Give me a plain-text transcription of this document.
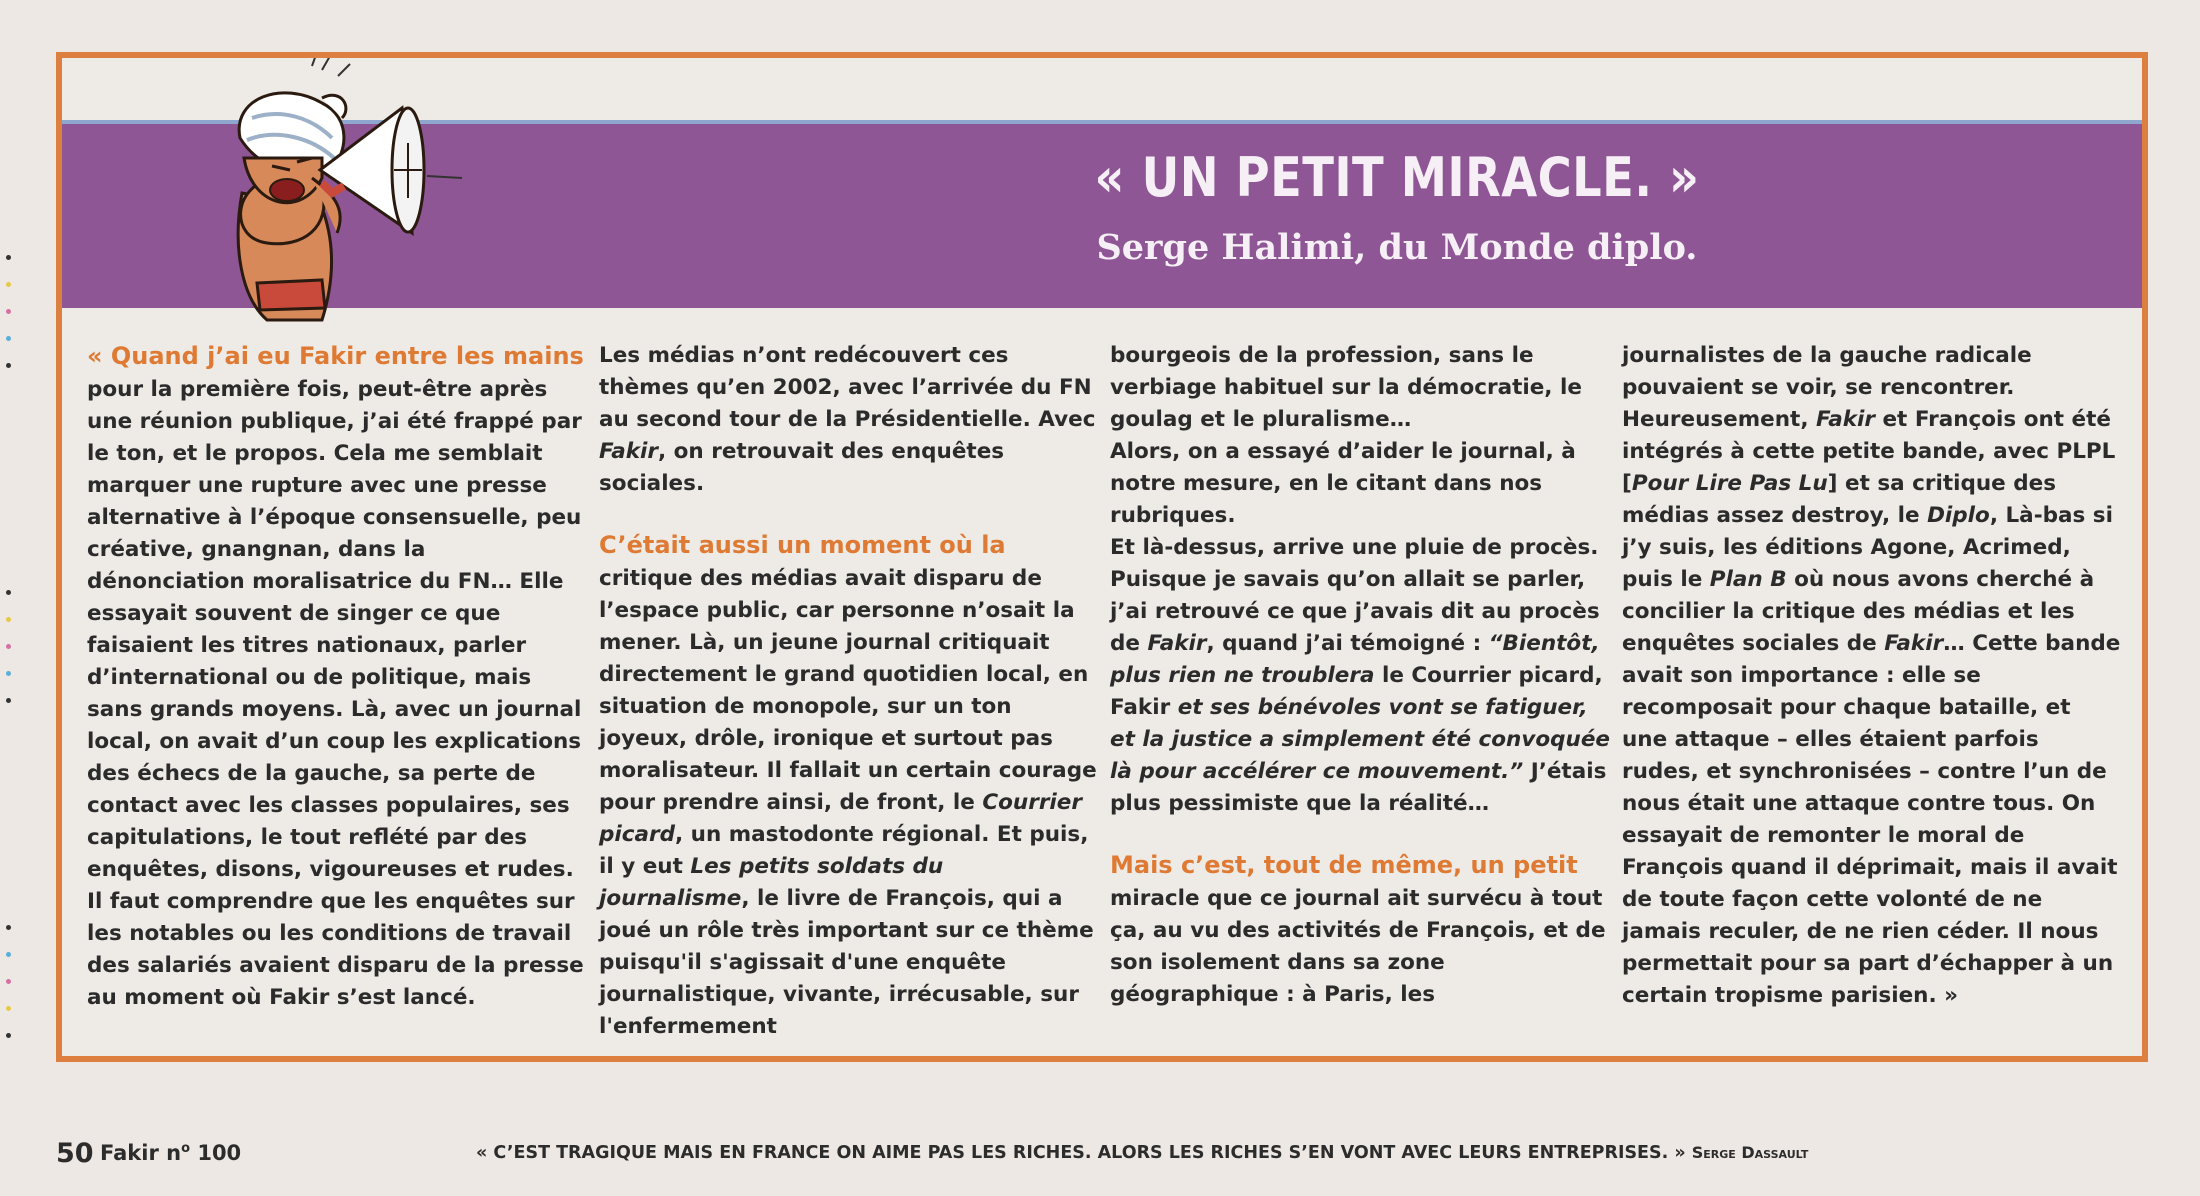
« UN PETIT MIRACLE. »
Serge Halimi, du Monde diplo.

« Quand j’ai eu Fakir entre les mains
pour la première fois, peut-être après une réunion publique, j’ai été frappé par le ton, et le propos. Cela me semblait marquer une rupture avec une presse alternative à l’époque consensuelle, peu créative, gnangnan, dans la dénonciation moralisatrice du FN… Elle essayait souvent de singer ce que faisaient les titres nationaux, parler d’international ou de politique, mais sans grands moyens. Là, avec un journal local, on avait d’un coup les explications des échecs de la gauche, sa perte de contact avec les classes populaires, ses capitulations, le tout reflété par des enquêtes, disons, vigoureuses et rudes. Il faut comprendre que les enquêtes sur les notables ou les conditions de travail des salariés avaient disparu de la presse au moment où Fakir s’est lancé.

Les médias n’ont redécouvert ces thèmes qu’en 2002, avec l’arrivée du FN au second tour de la Présidentielle. Avec Fakir, on retrouvait des enquêtes sociales.

C’était aussi un moment où la
critique des médias avait disparu de l’espace public, car personne n’osait la mener. Là, un jeune journal critiquait directement le grand quotidien local, en situation de monopole, sur un ton joyeux, drôle, ironique et surtout pas moralisateur. Il fallait un certain courage pour prendre ainsi, de front, le Courrier picard, un mastodonte régional. Et puis, il y eut Les petits soldats du journalisme, le livre de François, qui a joué un rôle très important sur ce thème puisqu'il s'agissait d'une enquête journalistique, vivante, irrécusable, sur l'enfermement

bourgeois de la profession, sans le verbiage habituel sur la démocratie, le goulag et le pluralisme…

Alors, on a essayé d’aider le journal, à notre mesure, en le citant dans nos rubriques.

Et là-dessus, arrive une pluie de procès. Puisque je savais qu’on allait se parler, j’ai retrouvé ce que j’avais dit au procès de Fakir, quand j’ai témoigné : “Bientôt, plus rien ne troublera le Courrier picard, Fakir et ses bénévoles vont se fatiguer, et la justice a simplement été convoquée là pour accélérer ce mouvement.” J’étais plus pessimiste que la réalité…

Mais c’est, tout de même, un petit
miracle que ce journal ait survécu à tout ça, au vu des activités de François, et de son isolement dans sa zone géographique : à Paris, les

journalistes de la gauche radicale pouvaient se voir, se rencontrer.

Heureusement, Fakir et François ont été intégrés à cette petite bande, avec PLPL [Pour Lire Pas Lu] et sa critique des médias assez destroy, le Diplo, Là-bas si j’y suis, les éditions Agone, Acrimed, puis le Plan B où nous avons cherché à concilier la critique des médias et les enquêtes sociales de Fakir… Cette bande avait son importance : elle se recomposait pour chaque bataille, et une attaque – elles étaient parfois rudes, et synchronisées – contre l’un de nous était une attaque contre tous. On essayait de remonter le moral de François quand il déprimait, mais il avait de toute façon cette volonté de ne jamais reculer, de ne rien céder. Il nous permettait pour sa part d’échapper à un certain tropisme parisien. »

50 Fakir $n^o$ 100	« C’EST TRAGIQUE MAIS EN FRANCE ON AIME PAS LES RICHES. ALORS LES RICHES S’EN VONT AVEC LEURS ENTREPRISES. » Serge Dassault
